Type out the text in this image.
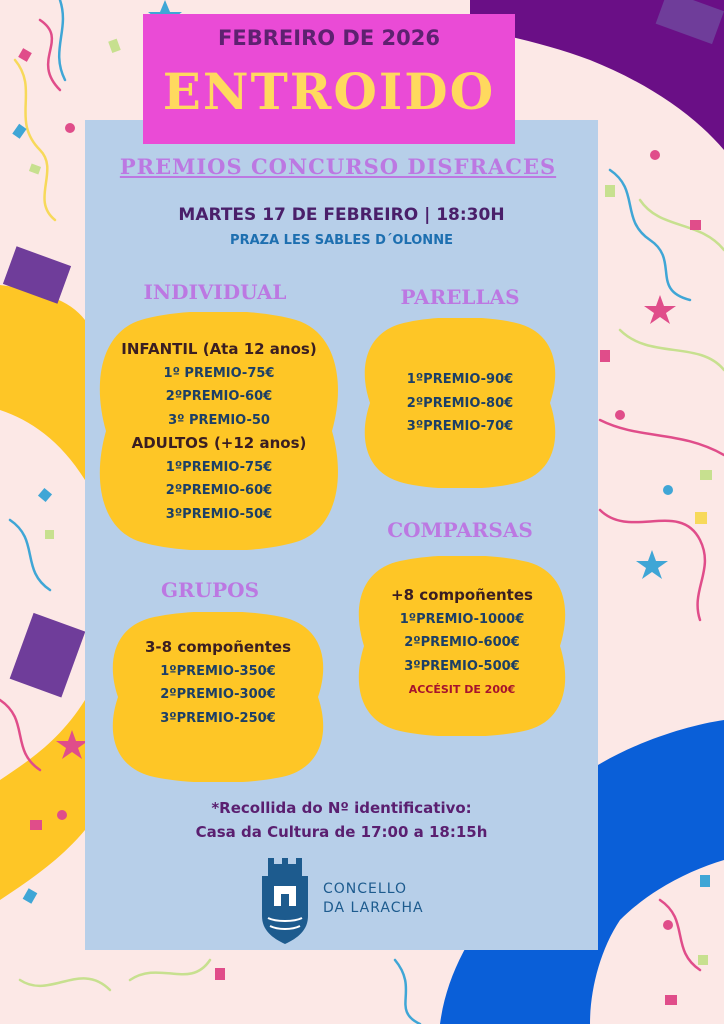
FEBREIRO DE 2026
ENTROIDO
PREMIOS CONCURSO DISFRACES
MARTES 17 DE FEBREIRO | 18:30H
PRAZA LES SABLES D´OLONNE
INDIVIDUAL
INFANTIL (Ata 12 anos)
1º PREMIO-75€
2ºPREMIO-60€
3º PREMIO-50
ADULTOS (+12 anos)
1ºPREMIO-75€
2ºPREMIO-60€
3ºPREMIO-50€
PARELLAS
1ºPREMIO-90€
2ºPREMIO-80€
3ºPREMIO-70€
COMPARSAS
+8 compoñentes
1ºPREMIO-1000€
2ºPREMIO-600€
3ºPREMIO-500€
ACCÉSIT DE 200€
GRUPOS
3-8 compoñentes
1ºPREMIO-350€
2ºPREMIO-300€
3ºPREMIO-250€
*Recollida do Nº identificativo:
Casa da Cultura de 17:00 a 18:15h
CONCELLO
DA LARACHA
